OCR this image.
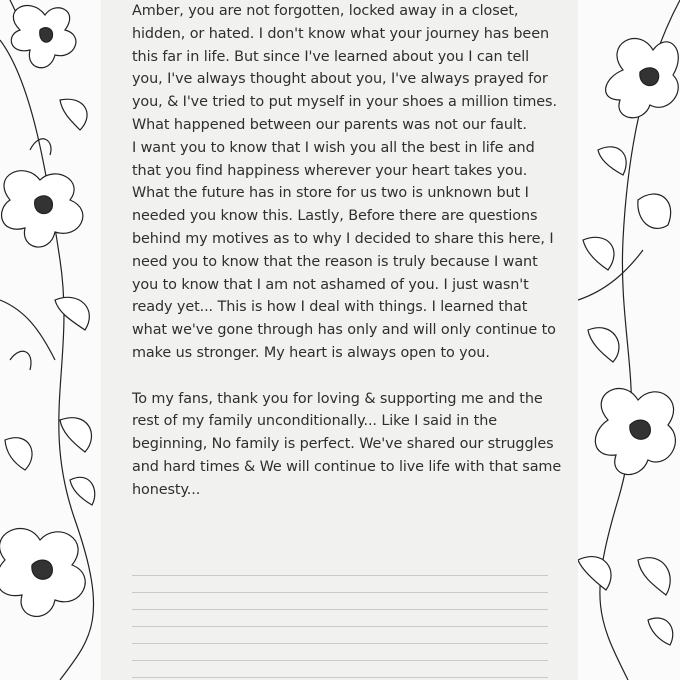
Amber, you are not forgotten, locked away in a closet, hidden, or hated. I don't know what your journey has been this far in life. But since I've learned about you I can tell you, I've always thought about you, I've always prayed for you, & I've tried to put myself in your shoes a million times. What happened between our parents was not our fault.

I want you to know that I wish you all the best in life and that you find happiness wherever your heart takes you. What the future has in store for us two is unknown but I needed you know this. Lastly, Before there are questions behind my motives as to why I decided to share this here, I need you to know that the reason is truly because I want you to know that I am not ashamed of you. I just wasn't ready yet... This is how I deal with things. I learned that what we've gone through has only and will only continue to make us stronger. My heart is always open to you.

To my fans, thank you for loving & supporting me and the rest of my family unconditionally... Like I said in the beginning, No family is perfect. We've shared our struggles and hard times & We will continue to live life with that same honesty...
